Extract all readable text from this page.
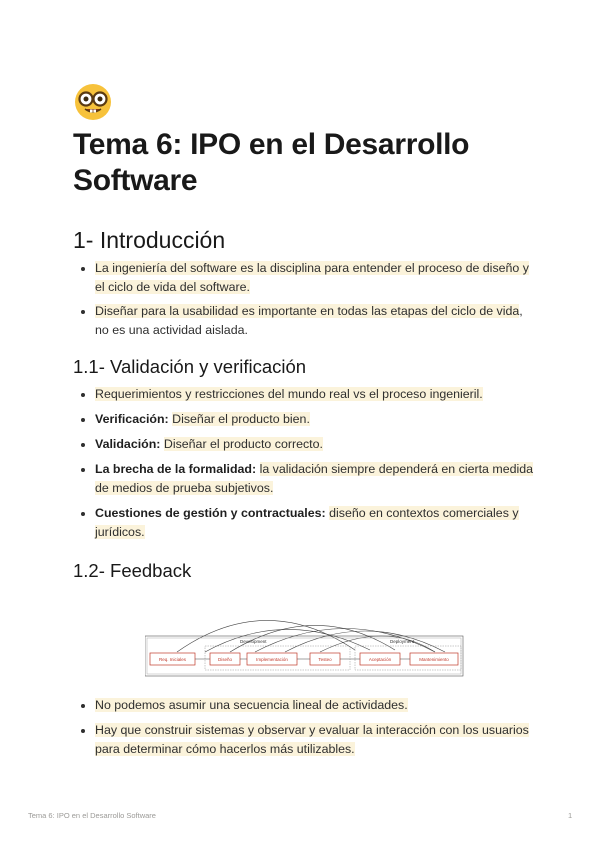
Tema 6: IPO en el Desarrollo Software
1- Introducción
La ingeniería del software es la disciplina para entender el proceso de diseño y el ciclo de vida del software.
Diseñar para la usabilidad es importante en todas las etapas del ciclo de vida, no es una actividad aislada.
1.1- Validación y verificación
Requerimientos y restricciones del mundo real vs el proceso ingenieril.
Verificación: Diseñar el producto bien.
Validación: Diseñar el producto correcto.
La brecha de la formalidad: la validación siempre dependerá en cierta medida de medios de prueba subjetivos.
Cuestiones de gestión y contractuales: diseño en contextos comerciales y jurídicos.
1.2- Feedback
Development	Deployment
Req. Iniciales	Diseño	Implementación	Testeo	Aceptación	Mantenimiento
No podemos asumir una secuencia lineal de actividades.
Hay que construir sistemas y observar y evaluar la interacción con los usuarios para determinar cómo hacerlos más utilizables.
Tema 6: IPO en el Desarrollo Software	1
